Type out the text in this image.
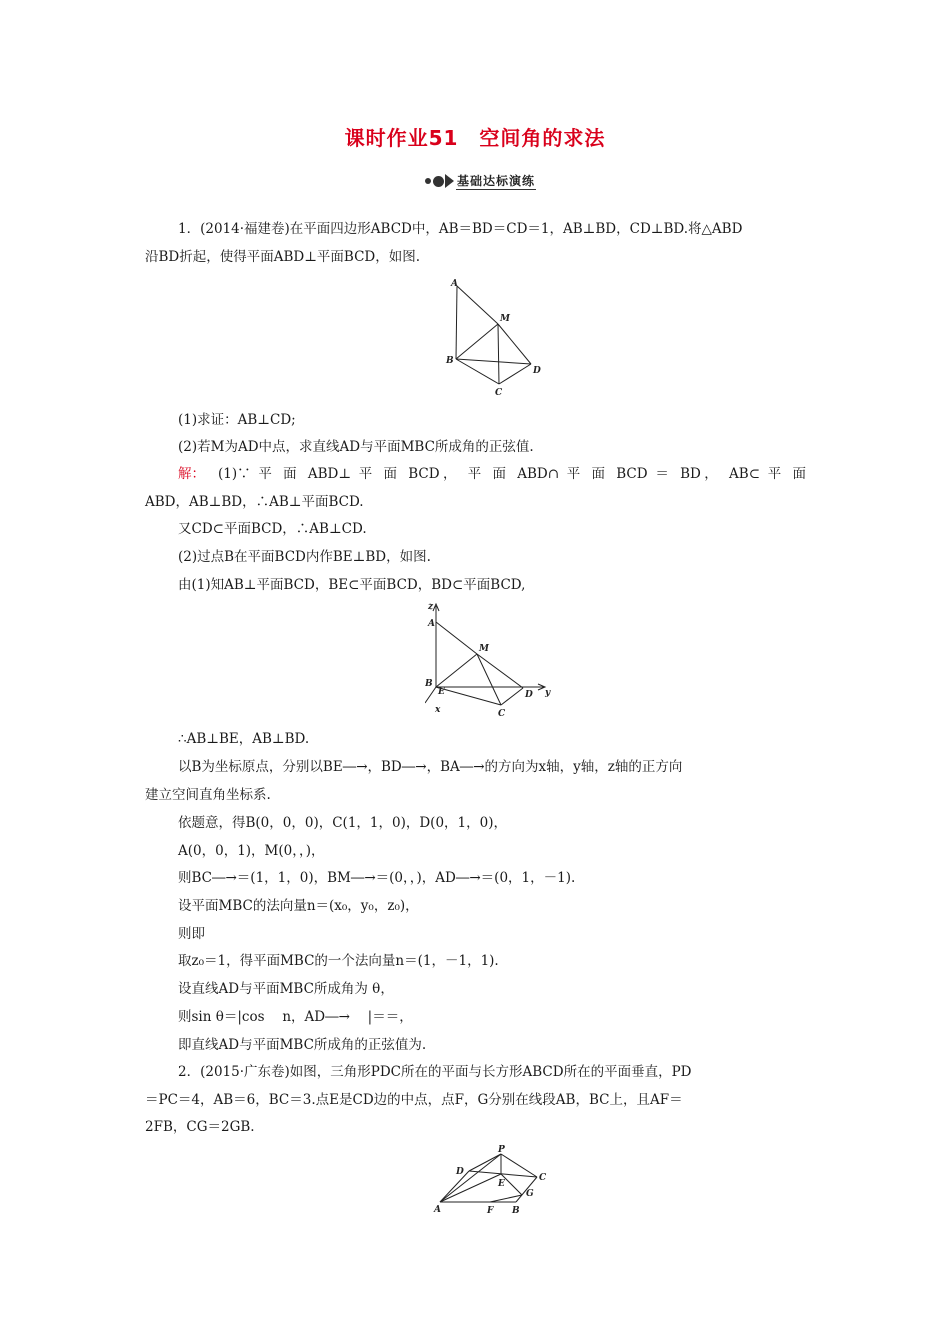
课时作业51　空间角的求法
基础达标演练
1．(2014·福建卷)在平面四边形ABCD中，AB＝BD＝CD＝1，AB⊥BD，CD⊥BD.将△ABD
沿BD折起，使得平面ABD⊥平面BCD，如图.
A
M
B
D
C
(1)求证：AB⊥CD;
(2)若M为AD中点，求直线AD与平面MBC所成角的正弦值.
解： (1)∵ 平 面 ABD⊥ 平 面 BCD， 平 面 ABD∩ 平 面 BCD ＝ BD， AB⊂ 平 面
ABD，AB⊥BD，∴AB⊥平面BCD.
又CD⊂平面BCD，∴AB⊥CD.
(2)过点B在平面BCD内作BE⊥BD，如图.
由(1)知AB⊥平面BCD，BE⊂平面BCD，BD⊂平面BCD,
z
A
M
B
E
x
D y
C
∴AB⊥BE，AB⊥BD.
以B为坐标原点，分别以BE―→，BD―→，BA―→的方向为x轴，y轴，z轴的正方向
建立空间直角坐标系.
依题意，得B(0，0，0)，C(1，1，0)，D(0，1，0)，
A(0，0，1)，M(0，，)，
则BC―→＝(1，1，0)，BM―→＝(0，，)，AD―→＝(0，1，－1).
设平面MBC的法向量n＝(x₀，y₀，z₀)，
则即
取z₀＝1，得平面MBC的一个法向量n＝(1，－1，1).
设直线AD与平面MBC所成角为 θ，
则sin θ＝|cos 　n，AD―→ 　|＝＝，
即直线AD与平面MBC所成角的正弦值为.
2．(2015·广东卷)如图，三角形PDC所在的平面与长方形ABCD所在的平面垂直，PD
＝PC＝4，AB＝6，BC＝3.点E是CD边的中点，点F，G分别在线段AB，BC上，且AF＝
2FB，CG＝2GB.
P
D
C
E
G
A	F B
